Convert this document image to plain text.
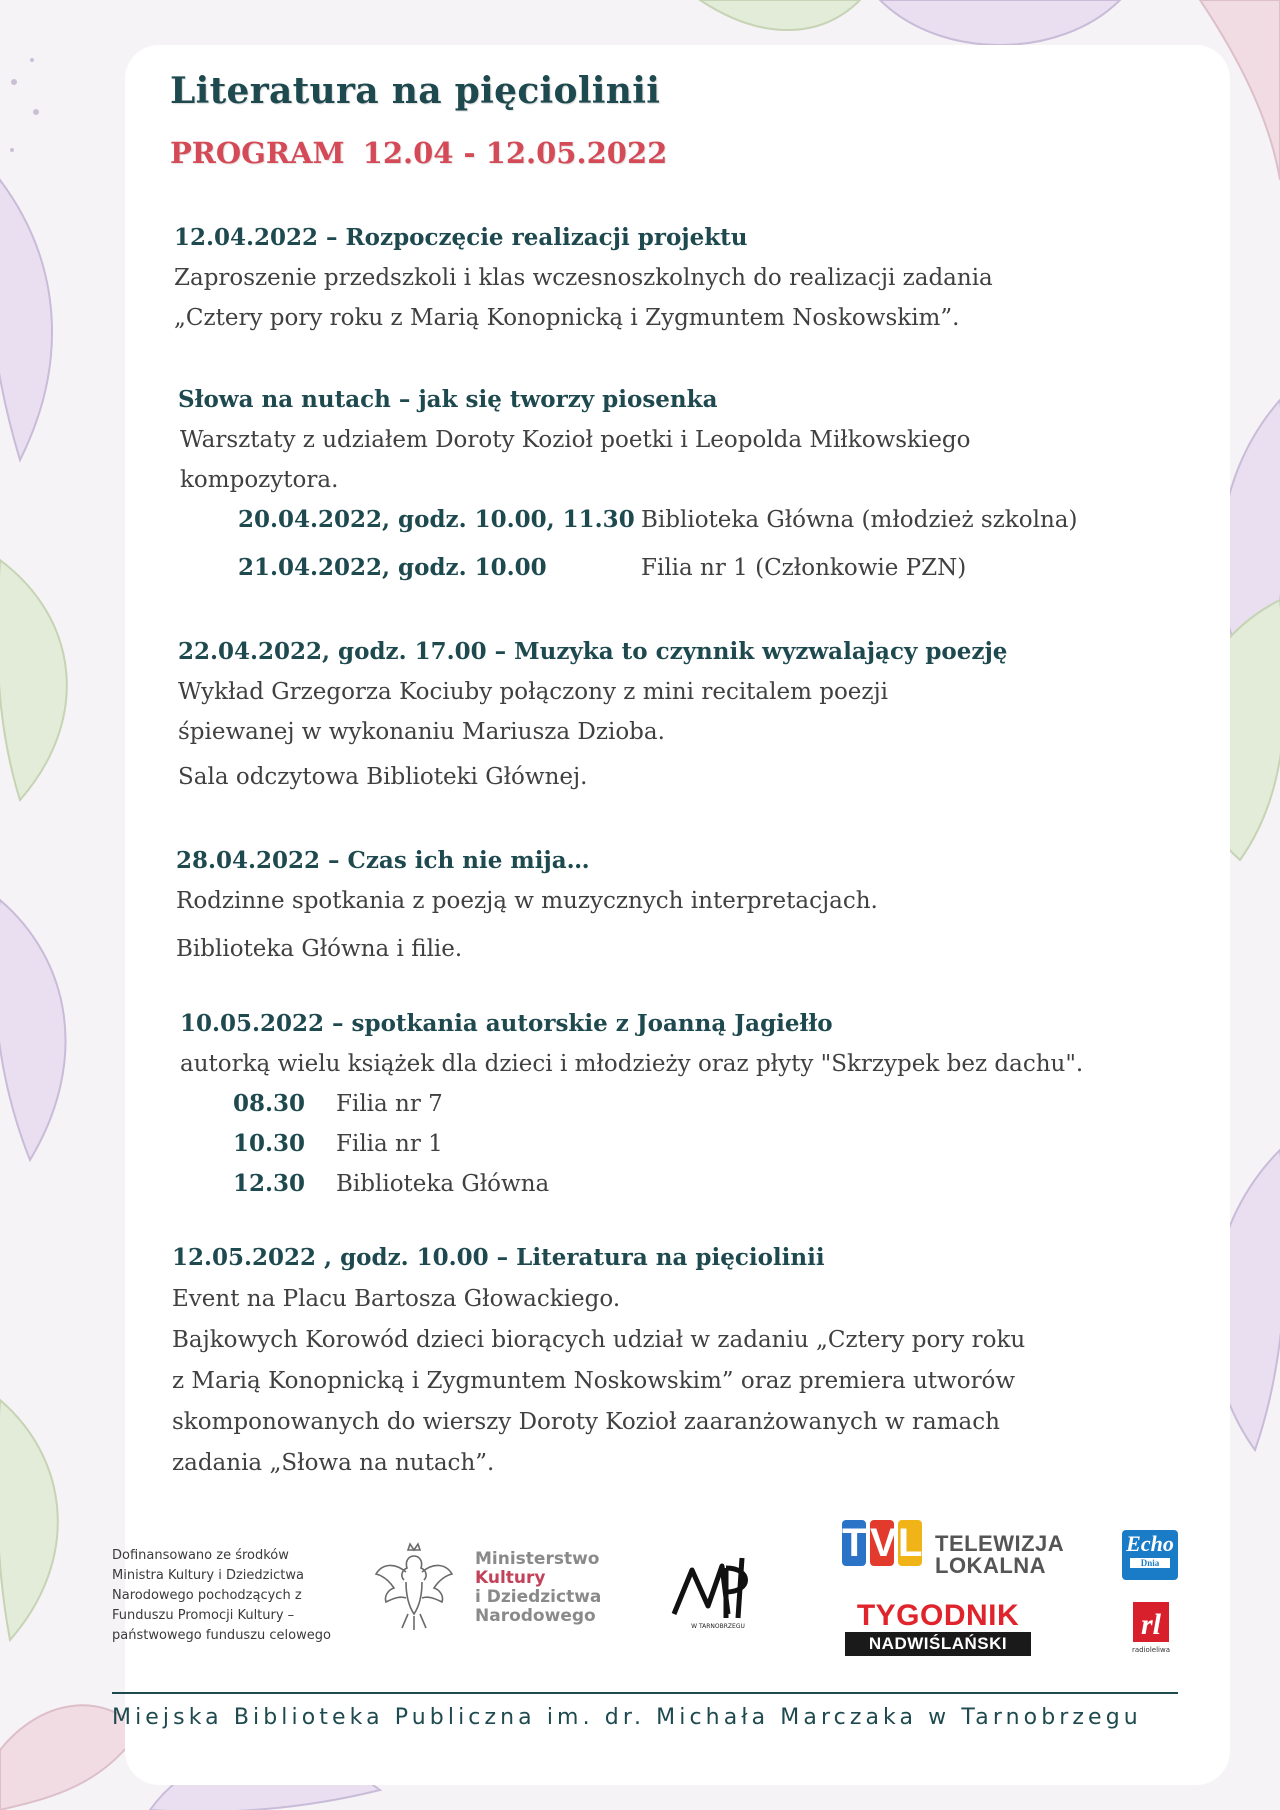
Literatura na pięciolinii
PROGRAM 12.04 - 12.05.2022
12.04.2022 – Rozpoczęcie realizacji projektu
Zaproszenie przedszkoli i klas wczesnoszkolnych do realizacji zadania
„Cztery pory roku z Marią Konopnicką i Zygmuntem Noskowskim”.
Słowa na nutach – jak się tworzy piosenka
Warsztaty z udziałem Doroty Kozioł poetki i Leopolda Miłkowskiego
kompozytora.
20.04.2022, godz. 10.00, 11.30 Biblioteka Główna (młodzież szkolna)
21.04.2022, godz. 10.00	Filia nr 1 (Członkowie PZN)
22.04.2022, godz. 17.00 – Muzyka to czynnik wyzwalający poezję
Wykład Grzegorza Kociuby połączony z mini recitalem poezji
śpiewanej w wykonaniu Mariusza Dzioba.
Sala odczytowa Biblioteki Głównej.
28.04.2022 – Czas ich nie mija…
Rodzinne spotkania z poezją w muzycznych interpretacjach.
Biblioteka Główna i filie.
10.05.2022 – spotkania autorskie z Joanną Jagiełło
autorką wielu książek dla dzieci i młodzieży oraz płyty "Skrzypek bez dachu".
08.30 Filia nr 7
10.30 Filia nr 1
12.30 Biblioteka Główna
12.05.2022 , godz. 10.00 – Literatura na pięciolinii
Event na Placu Bartosza Głowackiego.
Bajkowych Korowód dzieci biorących udział w zadaniu „Cztery pory roku
z Marią Konopnicką i Zygmuntem Noskowskim” oraz premiera utworów
skomponowanych do wierszy Doroty Kozioł zaaranżowanych w ramach
zadania „Słowa na nutach”.
Dofinansowano ze środków
Ministra Kultury i Dziedzictwa
Narodowego pochodzących z
Funduszu Promocji Kultury –
państwowego funduszu celowego
Ministerstwo
Kultury
i Dziedzictwa
Narodowego
W TARNOBRZEGU
T V L TELEWIZJA
LOKALNA
TYGODNIK
NADWIŚLAŃSKI
Echo
Dnia
rl
radioleliwa
Miejska Biblioteka Publiczna im. dr. Michała Marczaka w Tarnobrzegu
